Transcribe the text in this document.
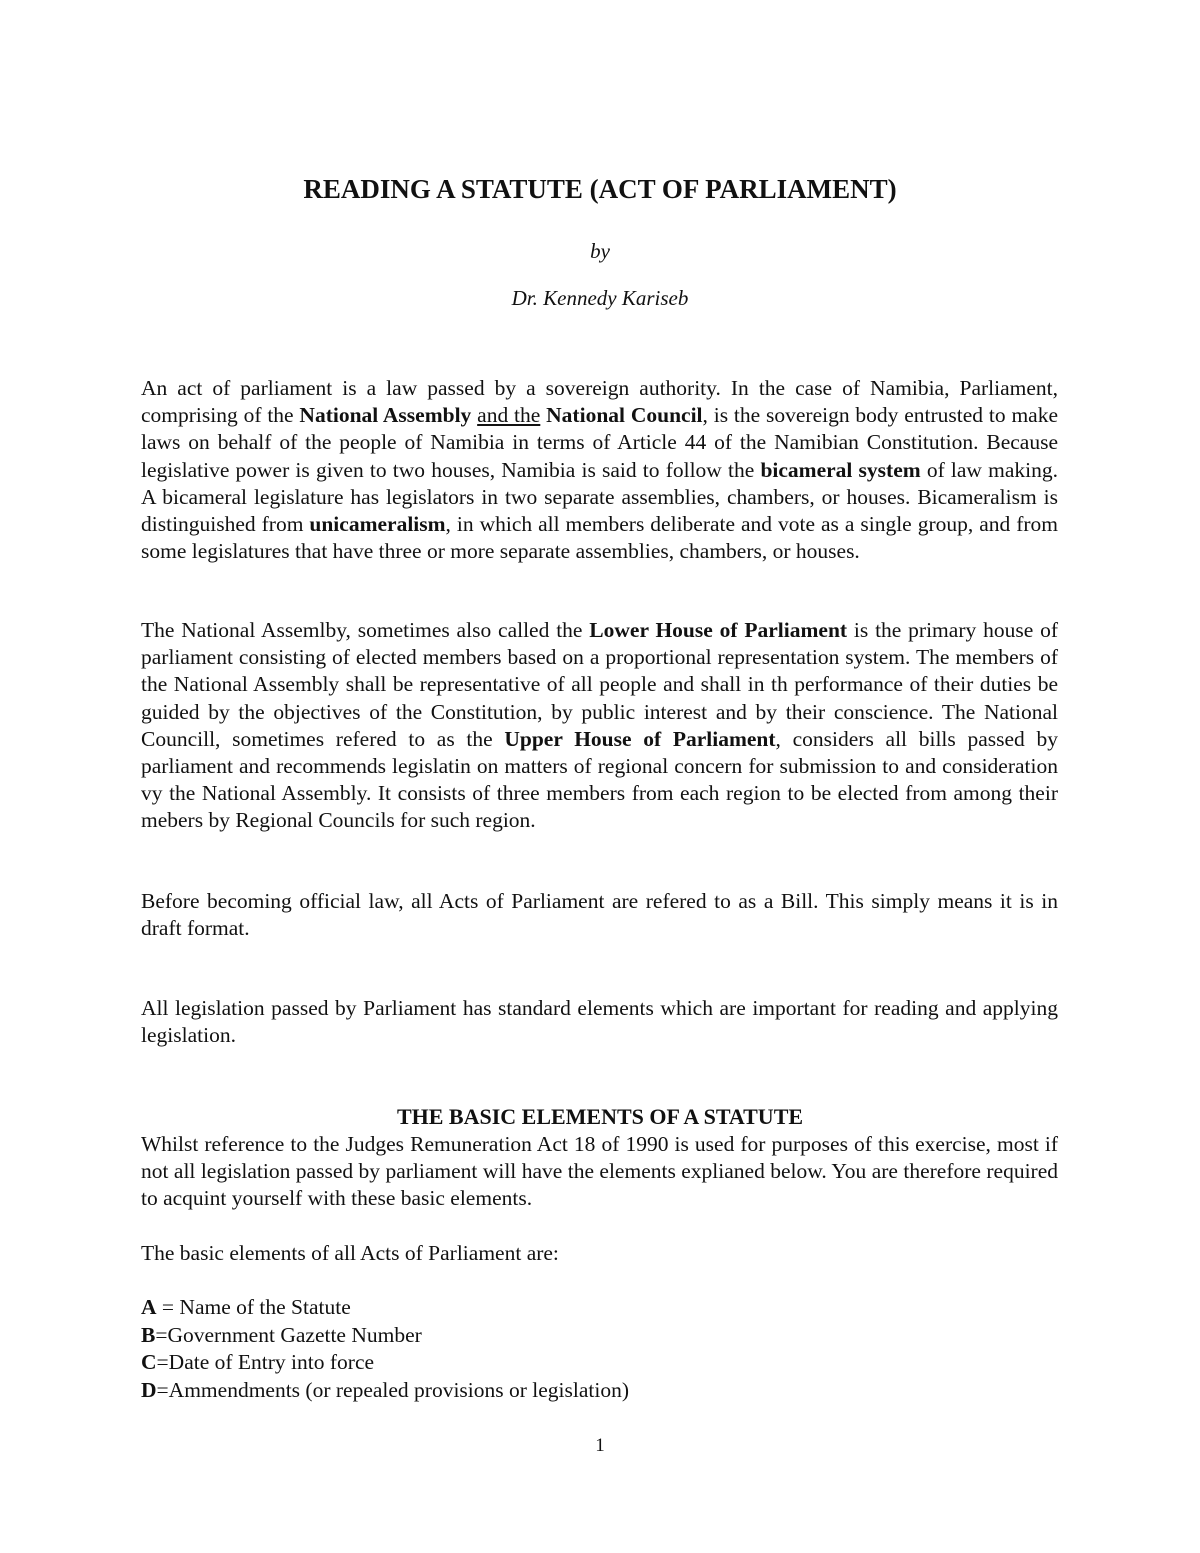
READING A STATUTE (ACT OF PARLIAMENT)
by
Dr. Kennedy Kariseb
An act of parliament is a law passed by a sovereign authority. In the case of Namibia, Parliament, comprising of the National Assembly and the National Council, is the sovereign body entrusted to make laws on behalf of the people of Namibia in terms of Article 44 of the Namibian Constitution. Because legislative power is given to two houses, Namibia is said to follow the bicameral system of law making. A bicameral legislature has legislators in two separate assemblies, chambers, or houses. Bicameralism is distinguished from unicameralism, in which all members deliberate and vote as a single group, and from some legislatures that have three or more separate assemblies, chambers, or houses.
The National Assemlby, sometimes also called the Lower House of Parliament is the primary house of parliament consisting of elected members based on a proportional representation system. The members of the National Assembly shall be representative of all people and shall in th performance of their duties be guided by the objectives of the Constitution, by public interest and by their conscience. The National Councill, sometimes refered to as the Upper House of Parliament, considers all bills passed by parliament and recommends legislatin on matters of regional concern for submission to and consideration vy the National Assembly. It consists of three members from each region to be elected from among their mebers by Regional Councils for such region.
Before becoming official law, all Acts of Parliament are refered to as a Bill. This simply means it is in draft format.
All legislation passed by Parliament has standard elements which are important for reading and applying legislation.
THE BASIC ELEMENTS OF A STATUTE
Whilst reference to the Judges Remuneration Act 18 of 1990 is used for purposes of this exercise, most if not all legislation passed by parliament will have the elements explianed below. You are therefore required to acquint yourself with these basic elements.
The basic elements of all Acts of Parliament are:
A = Name of the Statute
B=Government Gazette Number
C=Date of Entry into force
D=Ammendments (or repealed provisions or legislation)
1
